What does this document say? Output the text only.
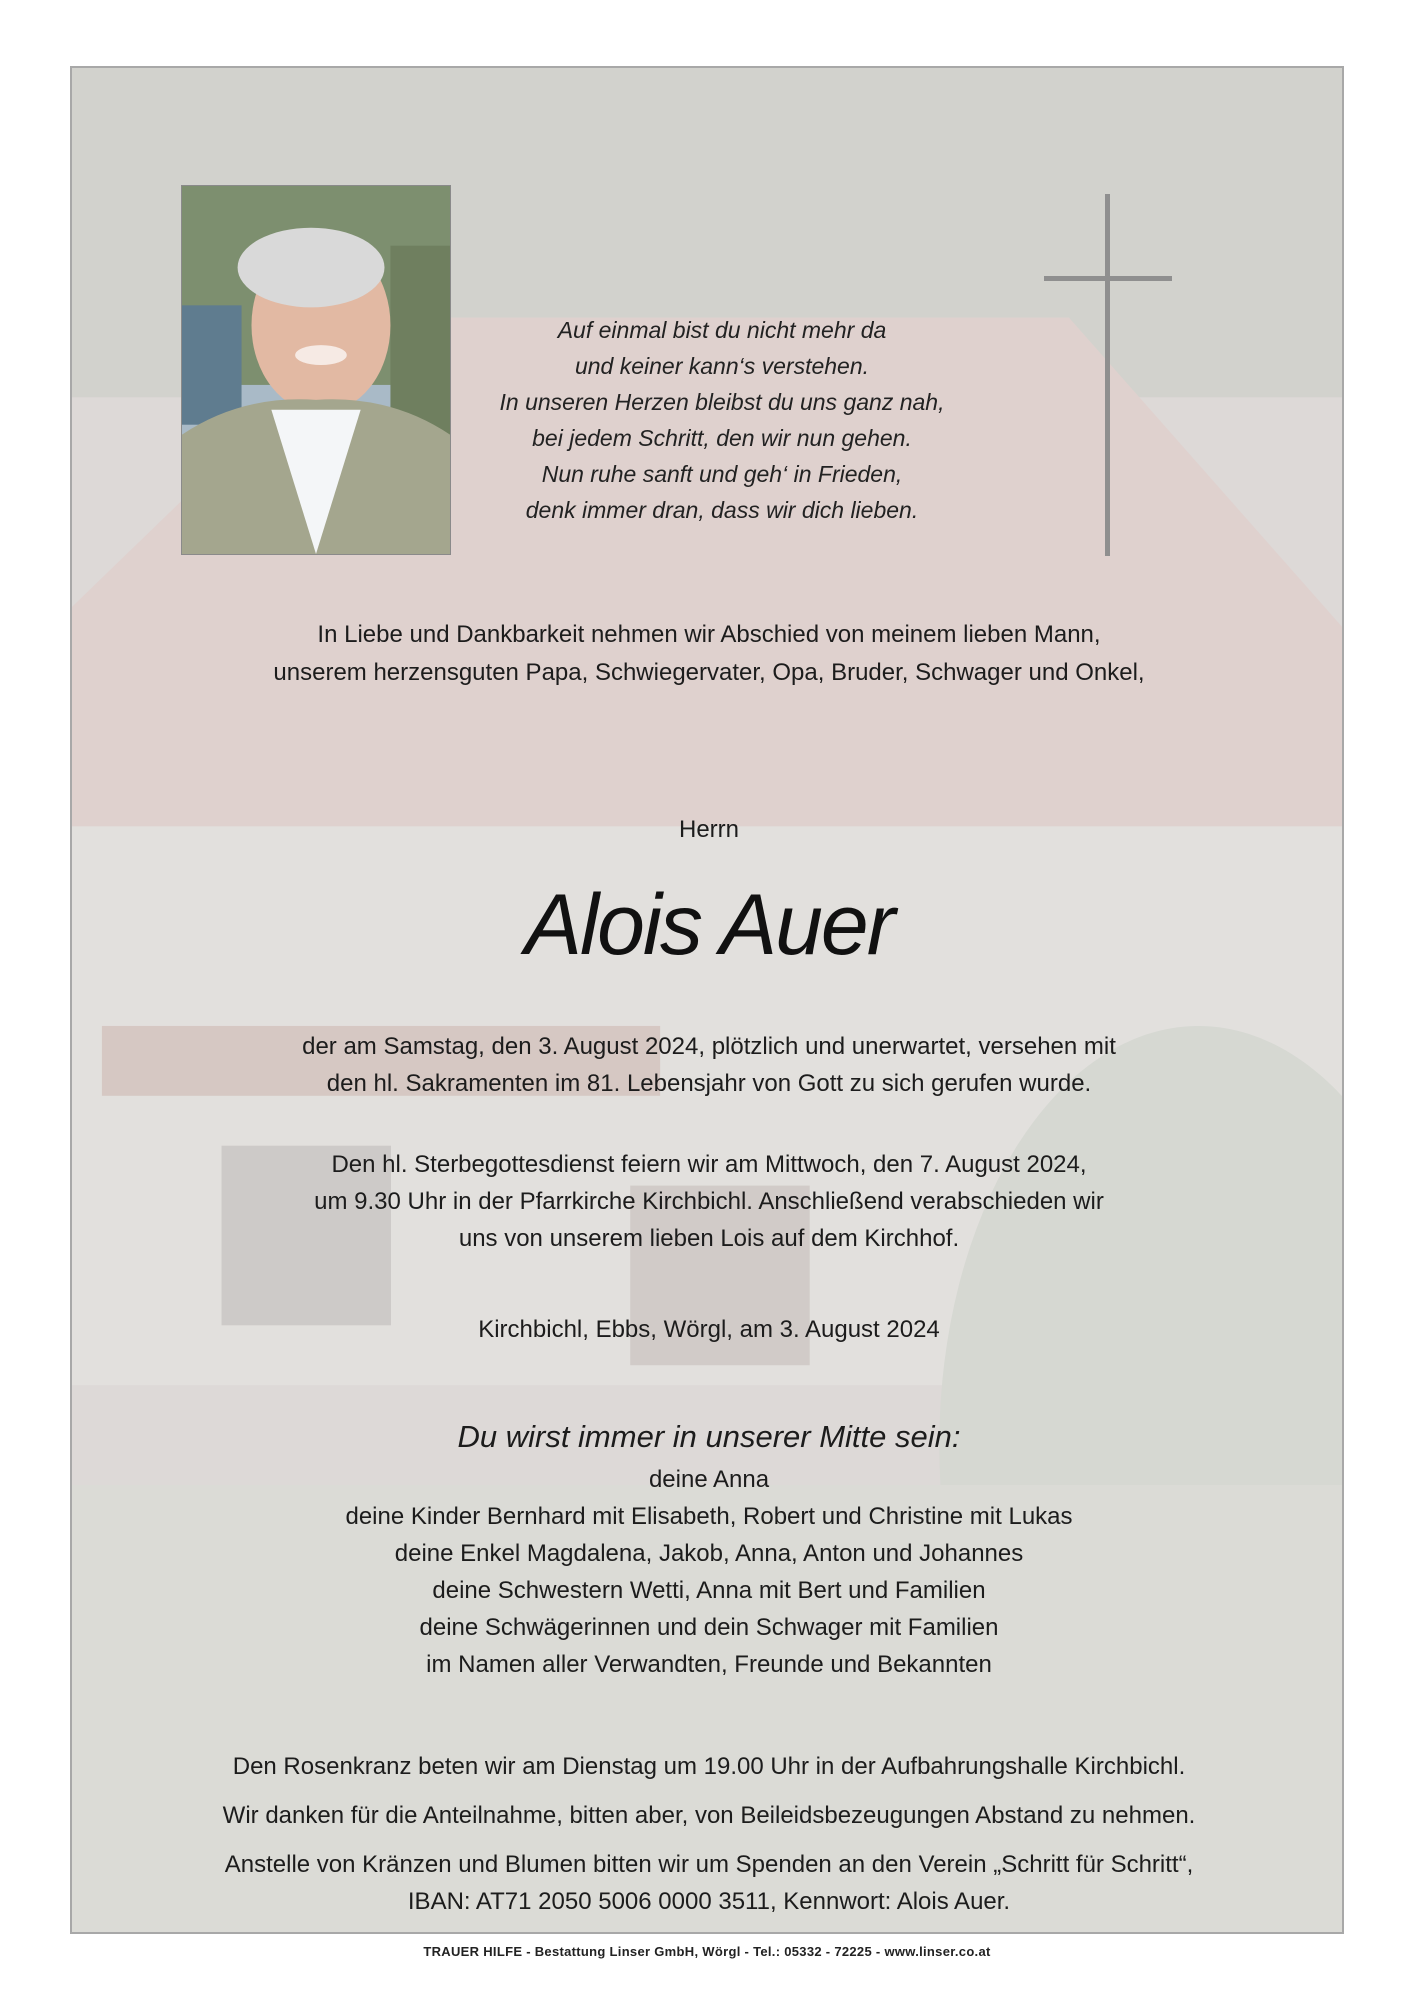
Auf einmal bist du nicht mehr da
und keiner kann‘s verstehen.
In unseren Herzen bleibst du uns ganz nah,
bei jedem Schritt, den wir nun gehen.
Nun ruhe sanft und geh‘ in Frieden,
denk immer dran, dass wir dich lieben.
In Liebe und Dankbarkeit nehmen wir Abschied von meinem lieben Mann,
unserem herzensguten Papa, Schwiegervater, Opa, Bruder, Schwager und Onkel,
Herrn
Alois Auer
der am Samstag, den 3. August 2024, plötzlich und unerwartet, versehen mit
den hl. Sakramenten im 81. Lebensjahr von Gott zu sich gerufen wurde.
Den hl. Sterbegottesdienst feiern wir am Mittwoch, den 7. August 2024,
um 9.30 Uhr in der Pfarrkirche Kirchbichl. Anschließend verabschieden wir
uns von unserem lieben Lois auf dem Kirchhof.
Kirchbichl, Ebbs, Wörgl, am 3. August 2024
Du wirst immer in unserer Mitte sein:
deine Anna
deine Kinder Bernhard mit Elisabeth, Robert und Christine mit Lukas
deine Enkel Magdalena, Jakob, Anna, Anton und Johannes
deine Schwestern Wetti, Anna mit Bert und Familien
deine Schwägerinnen und dein Schwager mit Familien
im Namen aller Verwandten, Freunde und Bekannten
Den Rosenkranz beten wir am Dienstag um 19.00 Uhr in der Aufbahrungshalle Kirchbichl.
Wir danken für die Anteilnahme, bitten aber, von Beileidsbezeugungen Abstand zu nehmen.
Anstelle von Kränzen und Blumen bitten wir um Spenden an den Verein „Schritt für Schritt“,
IBAN: AT71 2050 5006 0000 3511, Kennwort: Alois Auer.
TRAUER HILFE - Bestattung Linser GmbH, Wörgl - Tel.: 05332 - 72225 - www.linser.co.at
